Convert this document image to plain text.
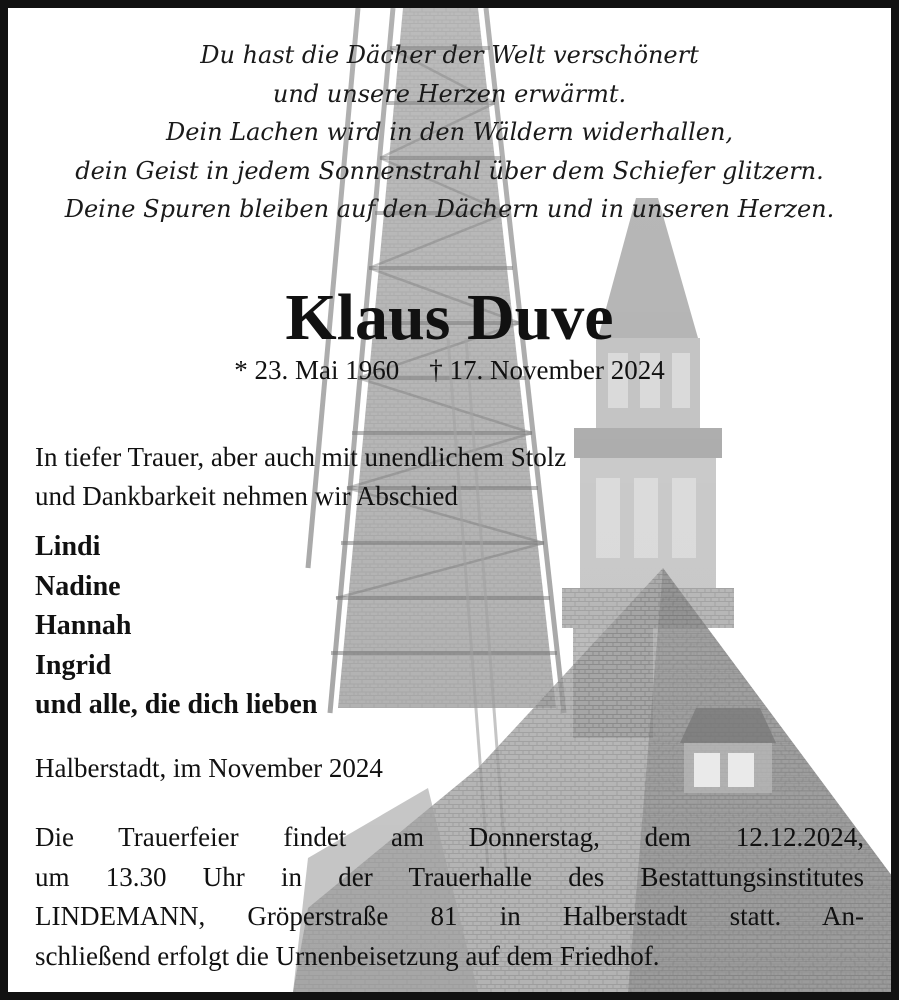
Du hast die Dächer der Welt verschönert
und unsere Herzen erwärmt.
Dein Lachen wird in den Wäldern widerhallen,
dein Geist in jedem Sonnenstrahl über dem Schiefer glitzern.
Deine Spuren bleiben auf den Dächern und in unseren Herzen.
Klaus Duve
* 23. Mai 1960 † 17. November 2024
In tiefer Trauer, aber auch mit unendlichem Stolz
und Dankbarkeit nehmen wir Abschied
Lindi
Nadine
Hannah
Ingrid
und alle, die dich lieben
Halberstadt, im November 2024
Die Trauerfeier findet am Donnerstag, dem 12.12.2024,
um 13.30 Uhr in der Trauerhalle des Bestattungsinstitutes
LINDEMANN, Gröperstraße 81 in Halberstadt statt. An-
schließend erfolgt die Urnenbeisetzung auf dem Friedhof.
